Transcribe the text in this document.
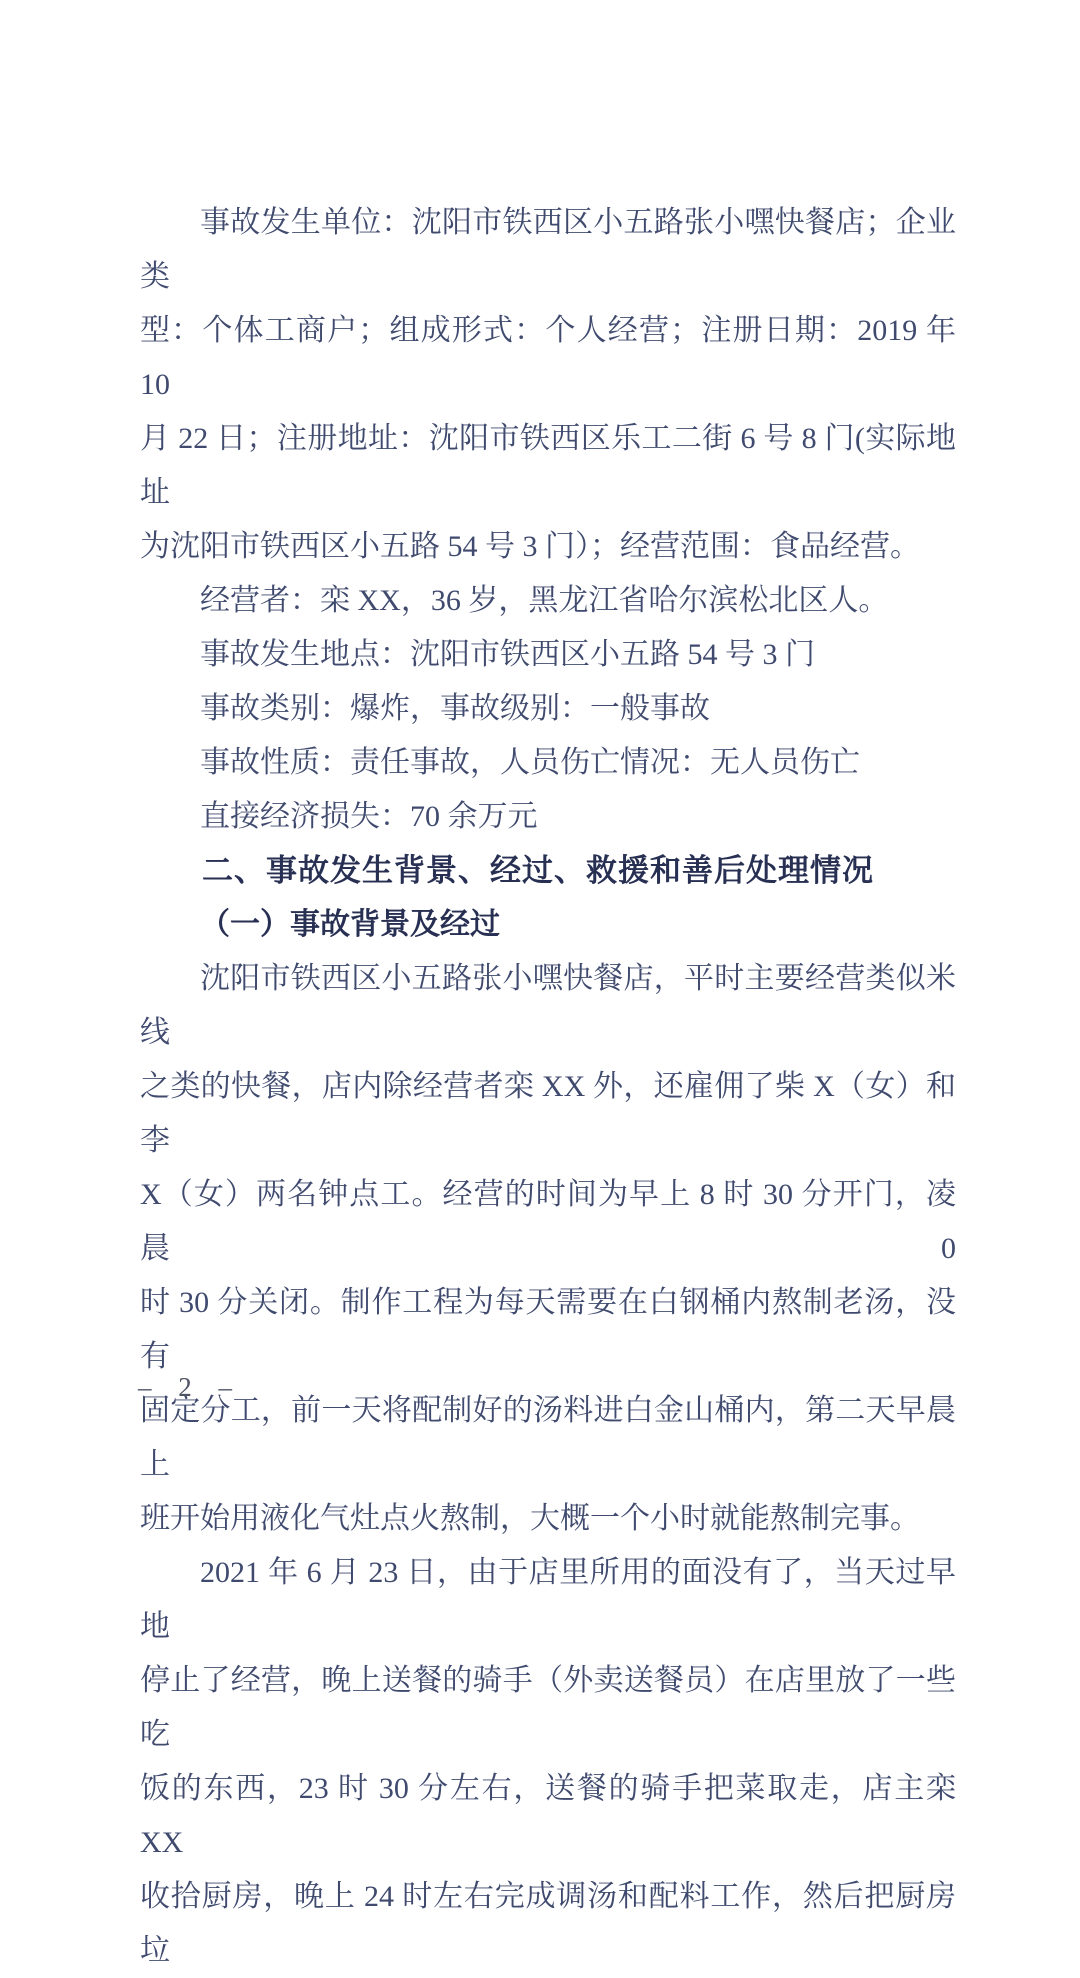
事故发生单位：沈阳市铁西区小五路张小嘿快餐店；企业类
型：个体工商户；组成形式：个人经营；注册日期：2019 年 10
月 22 日；注册地址：沈阳市铁西区乐工二街 6 号 8 门(实际地址
为沈阳市铁西区小五路 54 号 3 门）；经营范围：食品经营。
经营者：栾 XX，36 岁，黑龙江省哈尔滨松北区人。
事故发生地点：沈阳市铁西区小五路 54 号 3 门
事故类别：爆炸，事故级别：一般事故
事故性质：责任事故，人员伤亡情况：无人员伤亡
直接经济损失：70 余万元
二、事故发生背景、经过、救援和善后处理情况
（一）事故背景及经过
沈阳市铁西区小五路张小嘿快餐店，平时主要经营类似米线
之类的快餐，店内除经营者栾 XX 外，还雇佣了柴 X（女）和李
X（女）两名钟点工。经营的时间为早上 8 时 30 分开门，凌晨 0
时 30 分关闭。制作工程为每天需要在白钢桶内熬制老汤，没有
固定分工，前一天将配制好的汤料进白金山桶内，第二天早晨上
班开始用液化气灶点火熬制，大概一个小时就能熬制完事。
2021 年 6 月 23 日，由于店里所用的面没有了，当天过早地
停止了经营，晚上送餐的骑手（外卖送餐员）在店里放了一些吃
饭的东西，23 时 30 分左右，送餐的骑手把菜取走，店主栾 XX
收拾厨房，晚上 24 时左右完成调汤和配料工作，然后把厨房垃
– 2 –
